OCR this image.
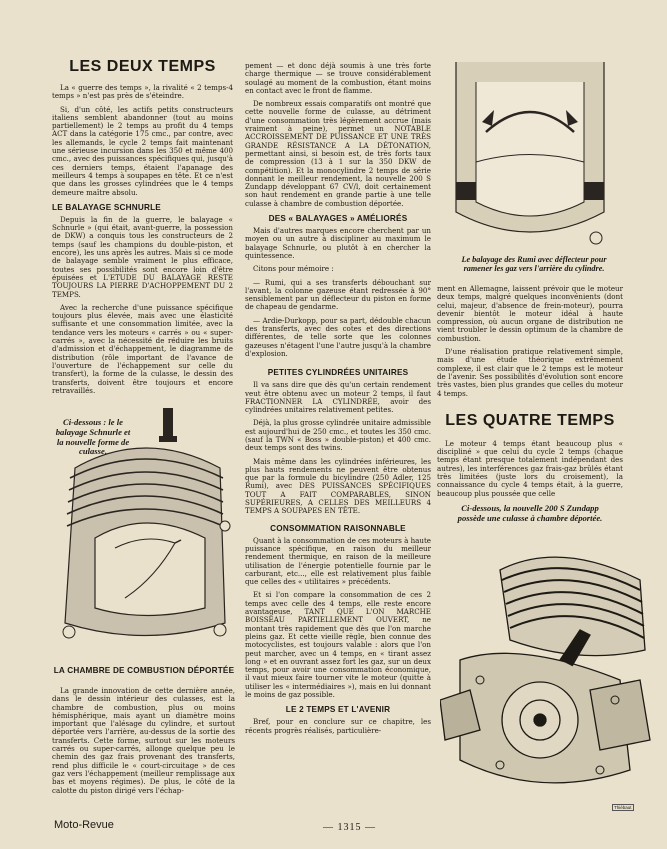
LES DEUX TEMPS

La « guerre des temps », la rivalité « 2 temps-4 temps » n'est pas près de s'éteindre.

Si, d'un côté, les actifs petits constructeurs italiens semblent abandonner (tout au moins partiellement) le 2 temps au profit du 4 temps ACT dans la catégorie 175 cmc., par contre, avec les allemands, le cycle 2 temps fait maintenant une sérieuse incursion dans les 350 et même 400 cmc., avec des puissances spécifiques qui, jusqu'à ces derniers temps, étaient l'apanage des meilleurs 4 temps à soupapes en tête. Et ce n'est que dans les grosses cylindrées que le 4 temps demeure maître absolu.

LE BALAYAGE SCHNURLE

Depuis la fin de la guerre, le balayage « Schnurle » (qui était, avant-guerre, la possession de DKW) a conquis tous les constructeurs de 2 temps (sauf les champions du double-piston, et encore), les uns après les autres. Mais si ce mode de balayage semble vraiment le plus efficace, toutes ses possibilités sont encore loin d'être épuisées et L'ETUDE DU BALAYAGE RESTE TOUJOURS LA PIERRE D'ACHOPPEMENT DU 2 TEMPS.

Avec la recherche d'une puissance spécifique toujours plus élevée, mais avec une élasticité suffisante et une consommation limitée, avec la tendance vers les moteurs « carrés » ou « super-carrés », avec la nécessité de réduire les bruits d'admission et d'échappement, le diagramme de distribution (rôle important de l'avance de l'ouverture de l'échappement sur celle du transfert), la forme de la culasse, le dessin des transferts, doivent être toujours et encore retravaillés.

Ci-dessous : le le balayage Schnurle et la nouvelle forme de culasse.
LA CHAMBRE DE COMBUSTION DÉPORTÉE

La grande innovation de cette dernière année, dans le dessin intérieur des culasses, est la chambre de combustion, plus ou moins hémisphérique, mais ayant un diamètre moins important que l'alésage du cylindre, et surtout déportée vers l'arrière, au-dessus de la sortie des transferts. Cette forme, surtout sur les moteurs carrés ou super-carrés, allonge quelque peu le chemin des gaz frais provenant des transferts, rend plus difficile le « court-circuitage » de ces gaz vers l'échappement (meilleur remplissage aux bas et moyens régimes). De plus, le côté de la calotte du piston dirigé vers l'échap-

pement — et donc déjà soumis à une très forte charge thermique — se trouve considérablement soulagé au moment de la combustion, étant moins en contact avec le front de flamme.

De nombreux essais comparatifs ont montré que cette nouvelle forme de culasse, au détriment d'une consommation très légèrement accrue (mais vraiment à peine), permet un NOTABLE ACCROISSEMENT DE PUISSANCE ET UNE TRÈS GRANDE RÉSISTANCE A LA DÉTONATION, permettant ainsi, si besoin est, de très forts taux de compression (13 à 1 sur la 350 DKW de compétition). Et la monocylindre 2 temps de série donnant le meilleur rendement, la nouvelle 200 S Zundapp développant 67 CV/l, doit certainement son haut rendement en grande partie à une telle culasse à chambre de combustion déportée.

DES « BALAYAGES » AMÉLIORÉS

Mais d'autres marques encore cherchent par un moyen ou un autre à discipliner au maximum le balayage Schnurle, ou plutôt à en chercher la quintessence.

Citons pour mémoire :

— Rumi, qui a ses transferts débouchant sur l'avant, la colonne gazeuse étant redressée à 90° sensiblement par un déflecteur du piston en forme de chapeau de gendarme.

— Ardie-Durkopp, pour sa part, dédouble chacun des transferts, avec des cotes et des directions différentes, de telle sorte que les colonnes gazeuses n'étagent l'une l'autre jusqu'à la chambre d'explosion.

PETITES CYLINDRÉES UNITAIRES

Il va sans dire que dès qu'un certain rendement veut être obtenu avec un moteur 2 temps, il faut FRACTIONNER LA CYLINDRÉE, avoir des cylindrées unitaires relativement petites.

Déjà, la plus grosse cylindrée unitaire admissible est aujourd'hui de 250 cmc., et toutes les 350 cmc. (sauf la TWN « Boss » double-piston) et 400 cmc. deux temps sont des twins.

Mais même dans les cylindrées inférieures, les plus hauts rendements ne peuvent être obtenus que par la formule du bicylindre (250 Adler, 125 Rumi), avec DES PUISSANCES SPÉCIFIQUES TOUT A FAIT COMPARABLES, SINON SUPÉRIEURES, A CELLES DES MEILLEURS 4 TEMPS A SOUPAPES EN TÊTE.

CONSOMMATION RAISONNABLE

Quant à la consommation de ces moteurs à haute puissance spécifique, en raison du meilleur rendement thermique, en raison de la meilleure utilisation de l'énergie potentielle fournie par le carburant, etc..., elle est relativement plus faible que celles des « utilitaires » précédents.

Et si l'on compare la consommation de ces 2 temps avec celle des 4 temps, elle reste encore avantageuse, TANT QUE L'ON MARCHE BOISSEAU PARTIELLEMENT OUVERT, ne montant très rapidement que dès que l'on marche pleins gaz. Et cette vieille règle, bien connue des motocyclistes, est toujours valable : alors que l'on peut marcher, avec un 4 temps, en « tirant assez long » et en ouvrant assez fort les gaz, sur un deux temps, pour avoir une consommation économique, il vaut mieux faire tourner vite le moteur (quitte à utiliser les « intermédiaires »), mais en lui donnant le moins de gaz possible.

LE 2 TEMPS ET L'AVENIR

Bref, pour en conclure sur ce chapitre, les récents progrès réalisés, particulière-

Le balayage des Rumi avec déflecteur pour ramener les gaz vers l'arrière du cylindre.

ment en Allemagne, laissent prévoir que le moteur deux temps, malgré quelques inconvénients (dont celui, majeur, d'absence de frein-moteur), pourra devenir bientôt le moteur idéal à haute compression, où aucun organe de distribution ne vient troubler le dessin optimum de la chambre de combustion.

D'une réalisation pratique relativement simple, mais d'une étude théorique extrêmement complexe, il est clair que le 2 temps est le moteur de l'avenir. Ses possibilités d'évolution sont encore très vastes, bien plus grandes que celles du moteur 4 temps.

LES QUATRE TEMPS

Le moteur 4 temps étant beaucoup plus « discipliné » que celui du cycle 2 temps (chaque temps étant presque totalement indépendant des autres), les interférences gaz frais-gaz brûlés étant très limitées (juste lors du croisement), la connaissance du cycle 4 temps était, à la guerre, beaucoup plus poussée que celle

Ci-dessous, la nouvelle 200 S Zundapp possède une culasse à chambre déportée.
Moto-Revue	— 1315 —
Thiébaut
